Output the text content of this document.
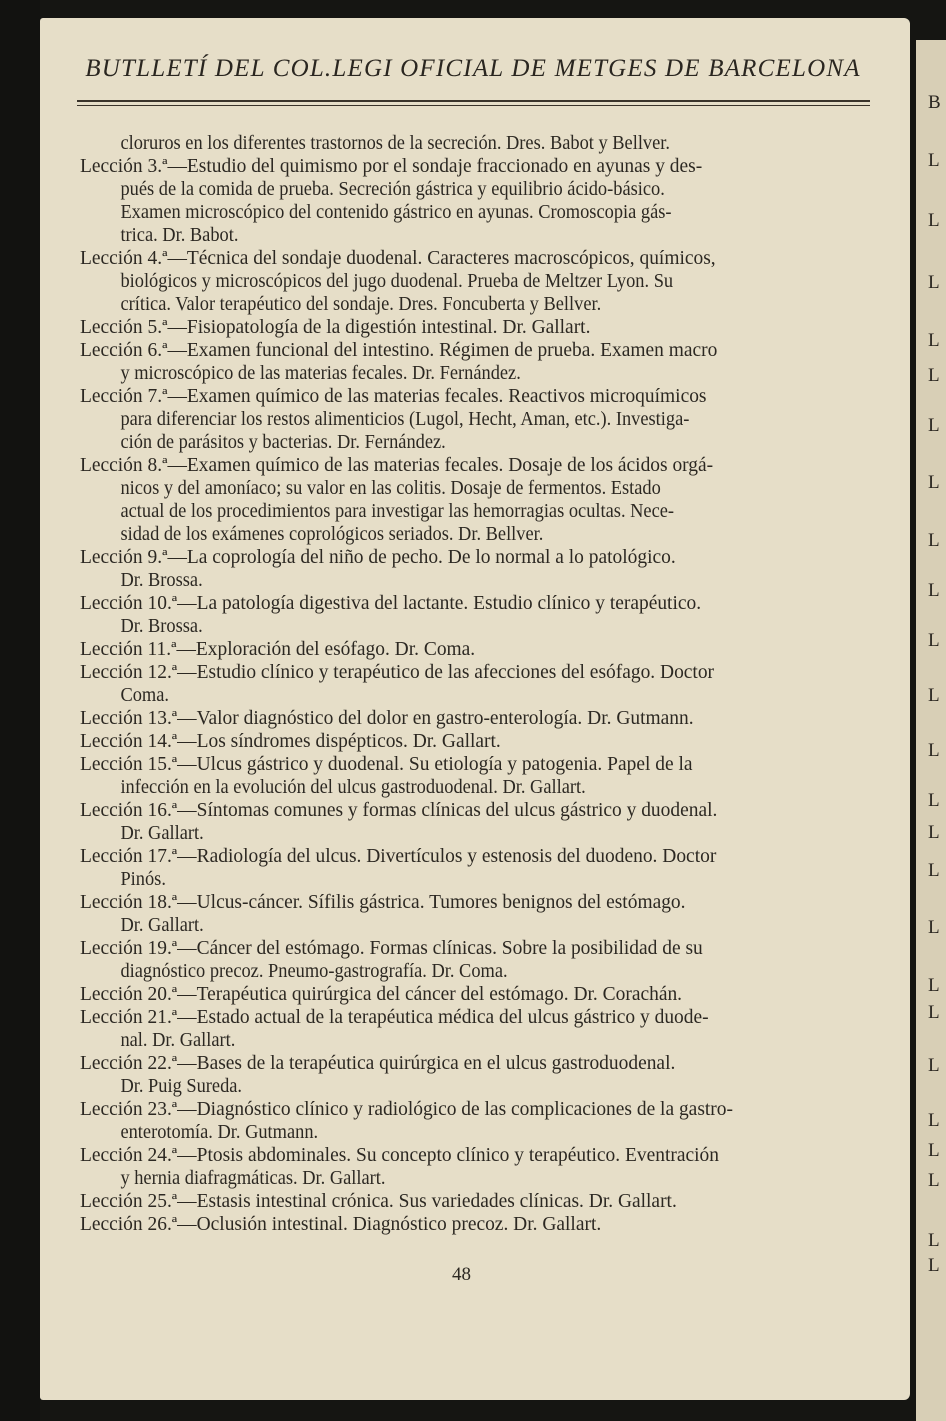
B
L
L
L
L
L
L
L
L
L
L
L
L
L
L
L
L
L
L
L
L
L
L
L
L
BUTLLETÍ DEL COL.LEGI OFICIAL DE METGES DE BARCELONA
cloruros en los diferentes trastornos de la secreción. Dres. Babot y Bellver.
Lección 3.ª—Estudio del quimismo por el sondaje fraccionado en ayunas y des-
pués de la comida de prueba. Secreción gástrica y equilibrio ácido-básico.
Examen microscópico del contenido gástrico en ayunas. Cromoscopia gás-
trica. Dr. Babot.
Lección 4.ª—Técnica del sondaje duodenal. Caracteres macroscópicos, químicos,
biológicos y microscópicos del jugo duodenal. Prueba de Meltzer Lyon. Su
crítica. Valor terapéutico del sondaje. Dres. Foncuberta y Bellver.
Lección 5.ª—Fisiopatología de la digestión intestinal. Dr. Gallart.
Lección 6.ª—Examen funcional del intestino. Régimen de prueba. Examen macro
y microscópico de las materias fecales. Dr. Fernández.
Lección 7.ª—Examen químico de las materias fecales. Reactivos microquímicos
para diferenciar los restos alimenticios (Lugol, Hecht, Aman, etc.). Investiga-
ción de parásitos y bacterias. Dr. Fernández.
Lección 8.ª—Examen químico de las materias fecales. Dosaje de los ácidos orgá-
nicos y del amoníaco; su valor en las colitis. Dosaje de fermentos. Estado
actual de los procedimientos para investigar las hemorragias ocultas. Nece-
sidad de los exámenes coprológicos seriados. Dr. Bellver.
Lección 9.ª—La coprología del niño de pecho. De lo normal a lo patológico.
Dr. Brossa.
Lección 10.ª—La patología digestiva del lactante. Estudio clínico y terapéutico.
Dr. Brossa.
Lección 11.ª—Exploración del esófago. Dr. Coma.
Lección 12.ª—Estudio clínico y terapéutico de las afecciones del esófago. Doctor
Coma.
Lección 13.ª—Valor diagnóstico del dolor en gastro-enterología. Dr. Gutmann.
Lección 14.ª—Los síndromes dispépticos. Dr. Gallart.
Lección 15.ª—Ulcus gástrico y duodenal. Su etiología y patogenia. Papel de la
infección en la evolución del ulcus gastroduodenal. Dr. Gallart.
Lección 16.ª—Síntomas comunes y formas clínicas del ulcus gástrico y duodenal.
Dr. Gallart.
Lección 17.ª—Radiología del ulcus. Divertículos y estenosis del duodeno. Doctor
Pinós.
Lección 18.ª—Ulcus-cáncer. Sífilis gástrica. Tumores benignos del estómago.
Dr. Gallart.
Lección 19.ª—Cáncer del estómago. Formas clínicas. Sobre la posibilidad de su
diagnóstico precoz. Pneumo-gastrografía. Dr. Coma.
Lección 20.ª—Terapéutica quirúrgica del cáncer del estómago. Dr. Corachán.
Lección 21.ª—Estado actual de la terapéutica médica del ulcus gástrico y duode-
nal. Dr. Gallart.
Lección 22.ª—Bases de la terapéutica quirúrgica en el ulcus gastroduodenal.
Dr. Puig Sureda.
Lección 23.ª—Diagnóstico clínico y radiológico de las complicaciones de la gastro-
enterotomía. Dr. Gutmann.
Lección 24.ª—Ptosis abdominales. Su concepto clínico y terapéutico. Eventración
y hernia diafragmáticas. Dr. Gallart.
Lección 25.ª—Estasis intestinal crónica. Sus variedades clínicas. Dr. Gallart.
Lección 26.ª—Oclusión intestinal. Diagnóstico precoz. Dr. Gallart.
48
